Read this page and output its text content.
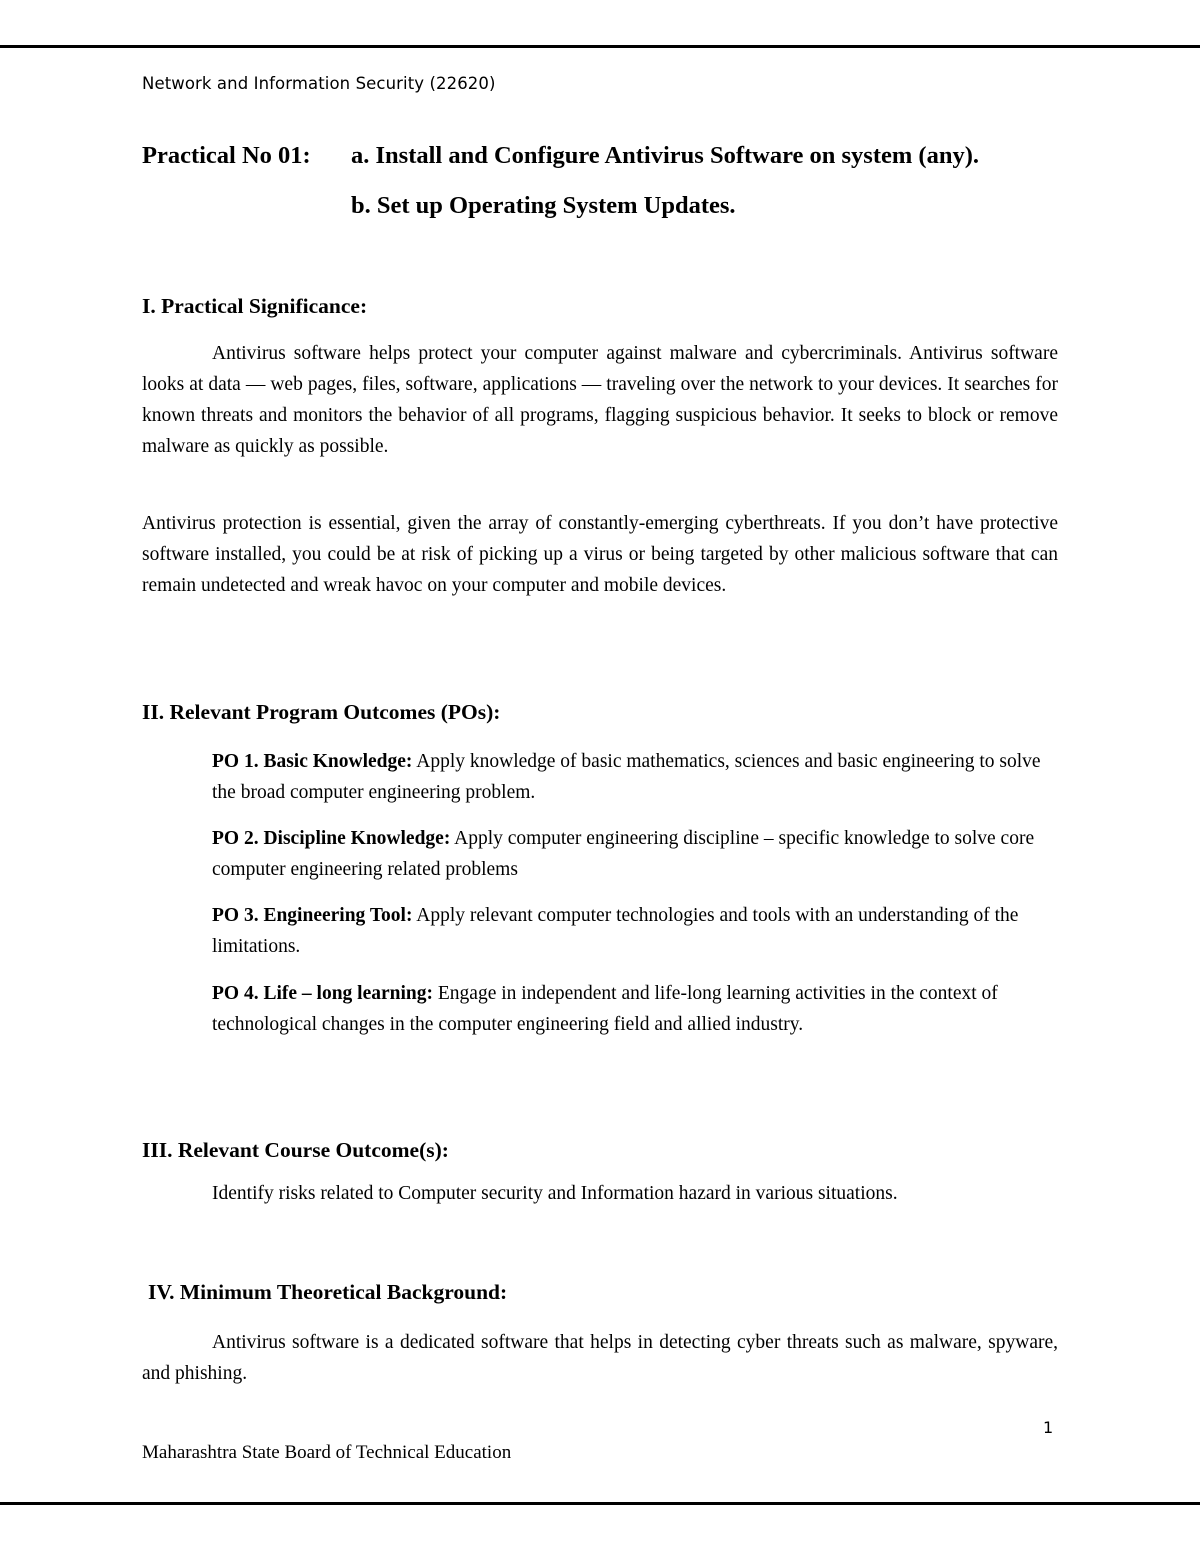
Network and Information Security (22620)
Practical No 01: a. Install and Configure Antivirus Software on system (any).
b. Set up Operating System Updates.
I. Practical Significance:
Antivirus software helps protect your computer against malware and cybercriminals. Antivirus software looks at data — web pages, files, software, applications — traveling over the network to your devices. It searches for known threats and monitors the behavior of all programs, flagging suspicious behavior. It seeks to block or remove malware as quickly as possible.
Antivirus protection is essential, given the array of constantly-emerging cyberthreats. If you don’t have protective software installed, you could be at risk of picking up a virus or being targeted by other malicious software that can remain undetected and wreak havoc on your computer and mobile devices.
II. Relevant Program Outcomes (POs):
PO 1. Basic Knowledge: Apply knowledge of basic mathematics, sciences and basic engineering to solve the broad computer engineering problem.
PO 2. Discipline Knowledge: Apply computer engineering discipline – specific knowledge to solve core computer engineering related problems
PO 3. Engineering Tool: Apply relevant computer technologies and tools with an understanding of the limitations.
PO 4. Life – long learning: Engage in independent and life-long learning activities in the context of technological changes in the computer engineering field and allied industry.
III. Relevant Course Outcome(s):
Identify risks related to Computer security and Information hazard in various situations.
IV. Minimum Theoretical Background:
Antivirus software is a dedicated software that helps in detecting cyber threats such as malware, spyware, and phishing.
1
Maharashtra State Board of Technical Education
